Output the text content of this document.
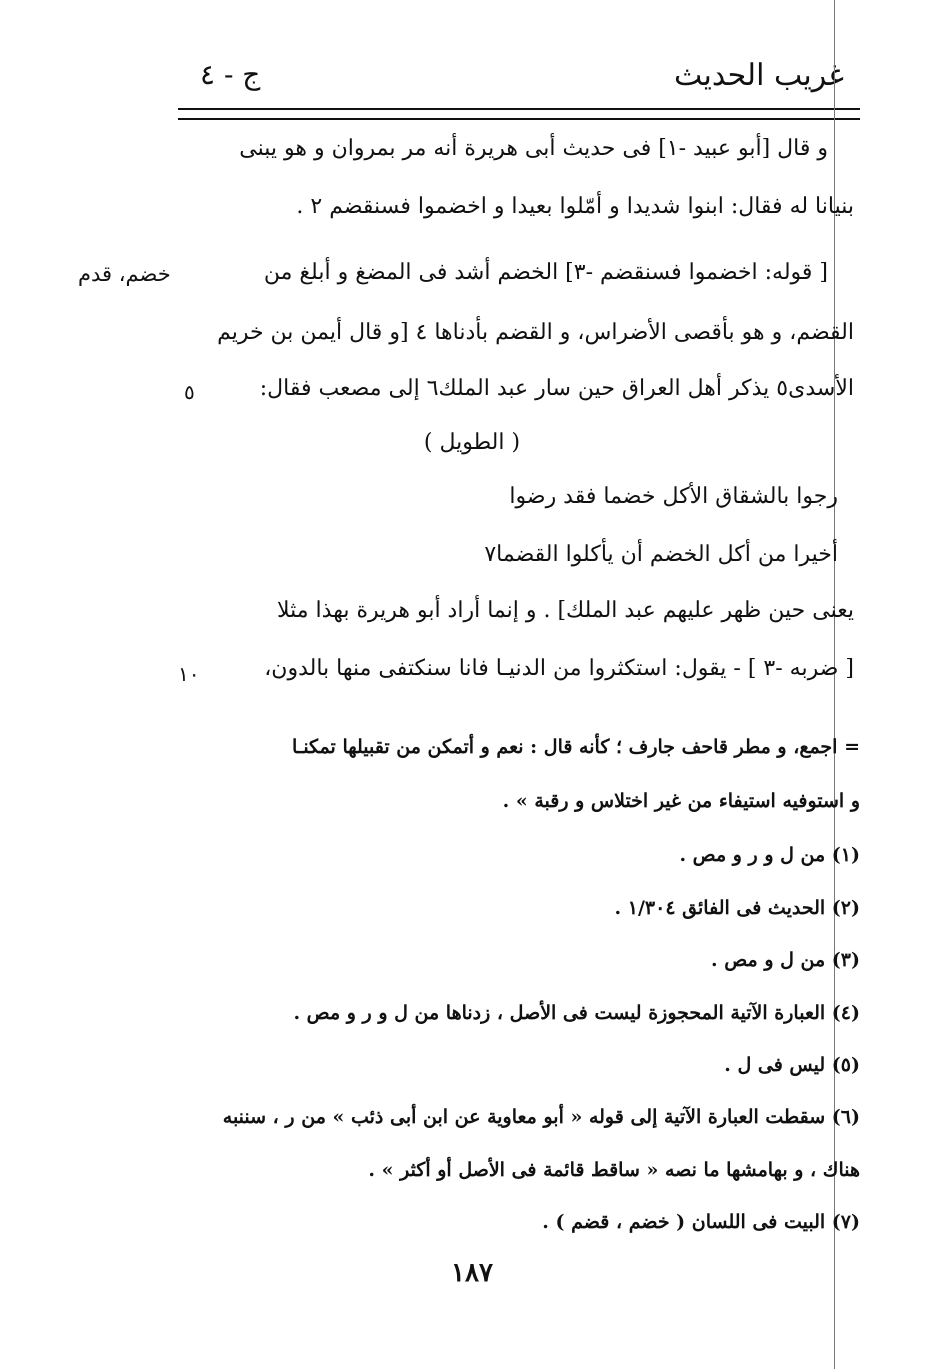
غريب الحديث
ج - ٤
و قال [أبو عبيد -١] فى حديث أبى هريرة أنه مر بمروان و هو يبنى
بنيانا له فقال: ابنوا شديدا و أمّلوا بعيدا و اخضموا فسنقضم ٢ .
[ قوله: اخضموا فسنقضم -٣] الخضم أشد فى المضغ و أبلغ من
القضم، و هو بأقصى الأضراس، و القضم بأدناها ٤ [و قال أيمن بن خريم
الأسدى٥ يذكر أهل العراق حين سار عبد الملك٦ إلى مصعب فقال:
خضم، قدم
٥
( الطويل )
رجوا بالشقاق الأكل خضما فقد رضوا
أخيرا من أكل الخضم أن يأكلوا القضما٧
يعنى حين ظهر عليهم عبد الملك] . و إنما أراد أبو هريرة بهذا مثلا
[ ضربه -٣ ] - يقول: استكثروا من الدنيـا فانا سنكتفى منها بالدون،
١٠
= اجمع، و مطر قاحف جارف ؛ كأنه قال : نعم و أتمكن من تقبيلها تمكنـا
و استوفيه استيفاء من غير اختلاس و رقبة » .
(١) من ل و ر و مص .
(٢) الحديث فى الفائق ١/٣٠٤ .
(٣) من ل و مص .
(٤) العبارة الآتية المحجوزة ليست فى الأصل ، زدناها من ل و ر و مص .
(٥) ليس فى ل .
(٦) سقطت العبارة الآتية إلى قوله « أبو معاوية عن ابن أبى ذئب » من ر ، سننبه
هناك ، و بهامشها ما نصه « ساقط قائمة فى الأصل أو أكثر » .
(٧) البيت فى اللسان ( خضم ، قضم ) .
١٨٧
